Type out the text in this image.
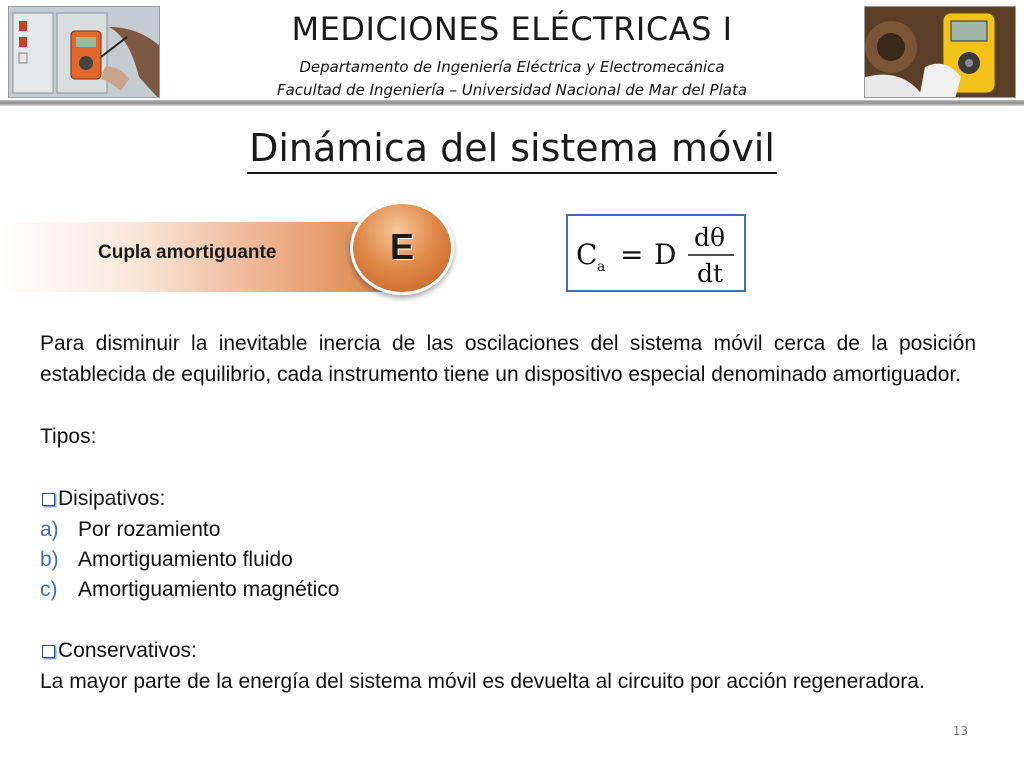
MEDICIONES ELÉCTRICAS I
Departamento de Ingeniería Eléctrica y Electromecánica
Facultad de Ingeniería – Universidad Nacional de Mar del Plata
Dinámica del sistema móvil
Cupla amortiguante	E	C a = D
dθ
dt
Para disminuir la inevitable inercia de las oscilaciones del sistema móvil cerca de la posición establecida de equilibrio, cada instrumento tiene un dispositivo especial denominado amortiguador.
Tipos:
Disipativos:
a) Por rozamiento
b) Amortiguamiento fluido
c) Amortiguamiento magnético
Conservativos:
La mayor parte de la energía del sistema móvil es devuelta al circuito por acción regeneradora.
13
